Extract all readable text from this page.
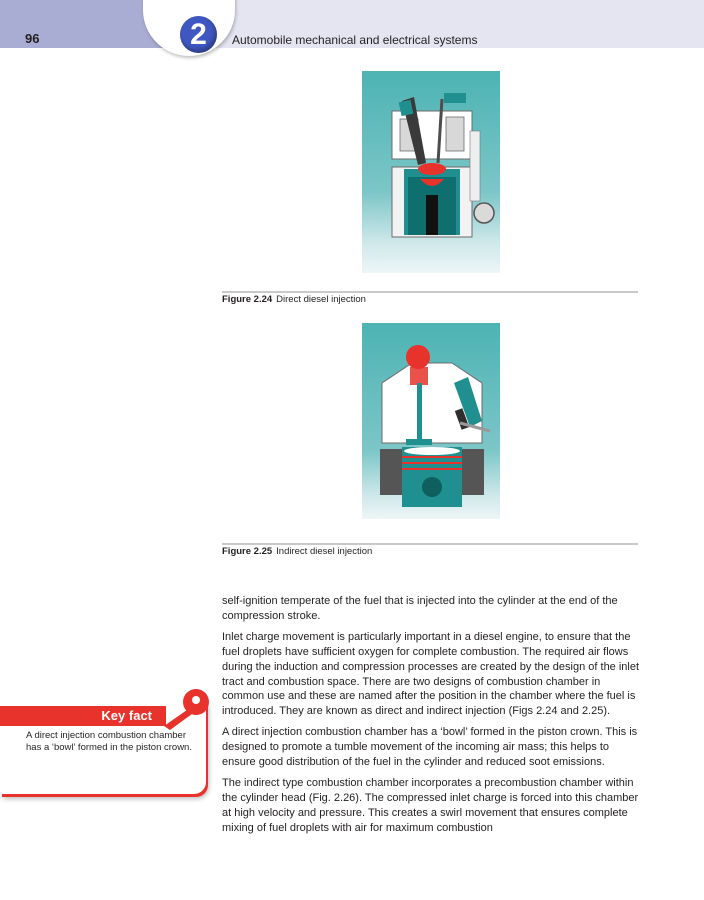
96	2	Automobile mechanical and electrical systems
Figure 2.24 Direct diesel injection
Figure 2.25 Indirect diesel injection

self-ignition temperate of the fuel that is injected into the cylinder at the end of the compression stroke.

Inlet charge movement is particularly important in a diesel engine, to ensure that the fuel droplets have sufficient oxygen for complete combustion. The required air flows during the induction and compression processes are created by the design of the inlet tract and combustion space. There are two designs of combustion chamber in common use and these are named after the position in the chamber where the fuel is introduced. They are known as direct and indirect injection (Figs 2.24 and 2.25).

A direct injection combustion chamber has a ‘bowl’ formed in the piston crown. This is designed to promote a tumble movement of the incoming air mass; this helps to ensure good distribution of the fuel in the cylinder and reduced soot emissions.

The indirect type combustion chamber incorporates a precombustion chamber within the cylinder head (Fig. 2.26). The compressed inlet charge is forced into this chamber at high velocity and pressure. This creates a swirl movement that ensures complete mixing of fuel droplets with air for maximum combustion

Key fact
A direct injection combustion chamber has a ‘bowl’ formed in the piston crown.
